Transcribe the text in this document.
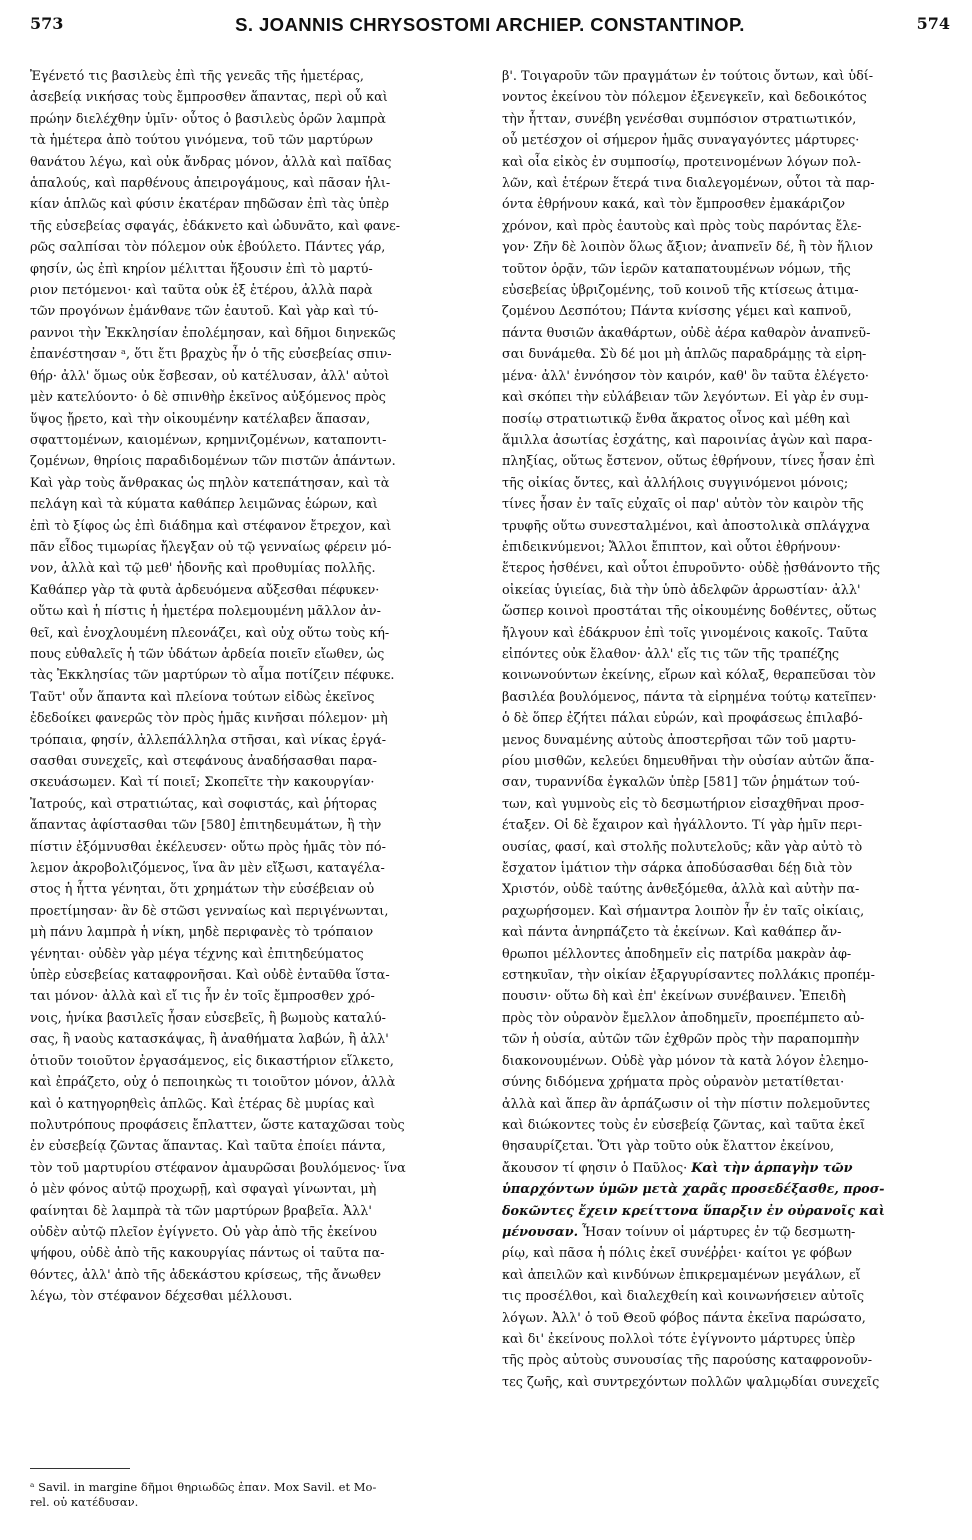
573	S. JOANNIS CHRYSOSTOMI ARCHIEP. CONSTANTINOP.	574

Ἐγένετό τις βασιλεὺς ἐπὶ τῆς γενεᾶς τῆς ἡμετέρας,
ἀσεβείᾳ νικήσας τοὺς ἔμπροσθεν ἅπαντας, περὶ οὗ καὶ
πρώην διελέχθην ὑμῖν· οὗτος ὁ βασιλεὺς ὁρῶν λαμπρὰ
τὰ ἡμέτερα ἀπὸ τούτου γινόμενα, τοῦ τῶν μαρτύρων
θανάτου λέγω, καὶ οὐκ ἄνδρας μόνον, ἀλλὰ καὶ παῖδας
ἁπαλούς, καὶ παρθένους ἀπειρογάμους, καὶ πᾶσαν ἡλι-
κίαν ἁπλῶς καὶ φύσιν ἑκατέραν πηδῶσαν ἐπὶ τὰς ὑπὲρ
τῆς εὐσεβείας σφαγάς, ἐδάκνετο καὶ ὠδυνᾶτο, καὶ φανε-
ρῶς σαλπίσαι τὸν πόλεμον οὐκ ἐβούλετο. Πάντες γάρ,
φησίν, ὡς ἐπὶ κηρίον μέλιτται ἥξουσιν ἐπὶ τὸ μαρτύ-
ριον πετόμενοι· καὶ ταῦτα οὐκ ἐξ ἑτέρου, ἀλλὰ παρὰ
τῶν προγόνων ἐμάνθανε τῶν ἑαυτοῦ. Καὶ γὰρ καὶ τύ-
ραννοι τὴν Ἐκκλησίαν ἐπολέμησαν, καὶ δῆμοι διηνεκῶς
ἐπανέστησαν ᵃ, ὅτι ἔτι βραχὺς ἦν ὁ τῆς εὐσεβείας σπιν-
θήρ· ἀλλ' ὅμως οὐκ ἔσβεσαν, οὐ κατέλυσαν, ἀλλ' αὐτοὶ
μὲν κατελύοντο· ὁ δὲ σπινθὴρ ἐκεῖνος αὐξόμενος πρὸς
ὕψος ᾔρετο, καὶ τὴν οἰκουμένην κατέλαβεν ἅπασαν,
σφαττομένων, καιομένων, κρημνιζομένων, καταποντι-
ζομένων, θηρίοις παραδιδομένων τῶν πιστῶν ἁπάντων.
Καὶ γὰρ τοὺς ἄνθρακας ὡς πηλὸν κατεπάτησαν, καὶ τὰ
πελάγη καὶ τὰ κύματα καθάπερ λειμῶνας ἑώρων, καὶ
ἐπὶ τὸ ξίφος ὡς ἐπὶ διάδημα καὶ στέφανον ἔτρεχον, καὶ
πᾶν εἶδος τιμωρίας ἤλεγξαν οὐ τῷ γενναίως φέρειν μό-
νον, ἀλλὰ καὶ τῷ μεθ' ἡδονῆς καὶ προθυμίας πολλῆς.
Καθάπερ γὰρ τὰ φυτὰ ἀρδευόμενα αὔξεσθαι πέφυκεν·
οὕτω καὶ ἡ πίστις ἡ ἡμετέρα πολεμουμένη μᾶλλον ἀν-
θεῖ, καὶ ἐνοχλουμένη πλεονάζει, καὶ οὐχ οὕτω τοὺς κή-
πους εὐθαλεῖς ἡ τῶν ὑδάτων ἀρδεία ποιεῖν εἴωθεν, ὡς
τὰς Ἐκκλησίας τῶν μαρτύρων τὸ αἷμα ποτίζειν πέφυκε.
Ταῦτ' οὖν ἅπαντα καὶ πλείονα τούτων εἰδὼς ἐκεῖνος
ἐδεδοίκει φανερῶς τὸν πρὸς ἡμᾶς κινῆσαι πόλεμον· μὴ
τρόπαια, φησίν, ἀλλεπάλληλα στῆσαι, καὶ νίκας ἐργά-
σασθαι συνεχεῖς, καὶ στεφάνους ἀναδήσασθαι παρα-
σκευάσωμεν. Καὶ τί ποιεῖ; Σκοπεῖτε τὴν κακουργίαν·
Ἰατρούς, καὶ στρατιώτας, καὶ σοφιστάς, καὶ ῥήτορας
ἅπαντας ἀφίστασθαι τῶν [580] ἐπιτηδευμάτων, ἢ τὴν
πίστιν ἐξόμνυσθαι ἐκέλευσεν· οὕτω πρὸς ἡμᾶς τὸν πό-
λεμον ἀκροβολιζόμενος, ἵνα ἂν μὲν εἴξωσι, καταγέλα-
στος ἡ ἧττα γένηται, ὅτι χρημάτων τὴν εὐσέβειαν οὐ
προετίμησαν· ἂν δὲ στῶσι γενναίως καὶ περιγένωνται,
μὴ πάνυ λαμπρὰ ἡ νίκη, μηδὲ περιφανὲς τὸ τρόπαιον
γένηται· οὐδὲν γὰρ μέγα τέχνης καὶ ἐπιτηδεύματος
ὑπὲρ εὐσεβείας καταφρονῆσαι. Καὶ οὐδὲ ἐνταῦθα ἵστα-
ται μόνον· ἀλλὰ καὶ εἴ τις ἦν ἐν τοῖς ἔμπροσθεν χρό-
νοις, ἡνίκα βασιλεῖς ἦσαν εὐσεβεῖς, ἢ βωμοὺς καταλύ-
σας, ἢ ναοὺς κατασκάψας, ἢ ἀναθήματα λαβών, ἢ ἀλλ'
ὁτιοῦν τοιοῦτον ἐργασάμενος, εἰς δικαστήριον εἵλκετο,
καὶ ἐπράζετο, οὐχ ὁ πεποιηκὼς τι τοιοῦτον μόνον, ἀλλὰ
καὶ ὁ κατηγορηθεὶς ἁπλῶς. Καὶ ἑτέρας δὲ μυρίας καὶ
πολυτρόπους προφάσεις ἔπλαττεν, ὥστε καταχῶσαι τοὺς
ἐν εὐσεβείᾳ ζῶντας ἅπαντας. Καὶ ταῦτα ἐποίει πάντα,
τὸν τοῦ μαρτυρίου στέφανον ἀμαυρῶσαι βουλόμενος· ἵνα
ὁ μὲν φόνος αὐτῷ προχωρῇ, καὶ σφαγαὶ γίνωνται, μὴ
φαίνηται δὲ λαμπρὰ τὰ τῶν μαρτύρων βραβεῖα. Ἀλλ'
οὐδὲν αὐτῷ πλεῖον ἐγίγνετο. Οὐ γὰρ ἀπὸ τῆς ἐκείνου
ψήφου, οὐδὲ ἀπὸ τῆς κακουργίας πάντως οἱ ταῦτα πα-
θόντες, ἀλλ' ἀπὸ τῆς ἀδεκάστου κρίσεως, τῆς ἄνωθεν
λέγω, τὸν στέφανον δέχεσθαι μέλλουσι.

β'. Τοιγαροῦν τῶν πραγμάτων ἐν τούτοις ὄντων, καὶ ὑδί-
νοντος ἐκείνου τὸν πόλεμον ἐξενεγκεῖν, καὶ δεδοικότος
τὴν ἧτταν, συνέβη γενέσθαι συμπόσιον στρατιωτικόν,
οὗ μετέσχον οἱ σήμερον ἡμᾶς συναγαγόντες μάρτυρες·
καὶ οἷα εἰκὸς ἐν συμποσίῳ, προτεινομένων λόγων πολ-
λῶν, καὶ ἑτέρων ἕτερά τινα διαλεγομένων, οὗτοι τὰ παρ-
όντα ἐθρήνουν κακά, καὶ τὸν ἔμπροσθεν ἐμακάριζον
χρόνον, καὶ πρὸς ἑαυτοὺς καὶ πρὸς τοὺς παρόντας ἔλε-
γον· Ζῆν δὲ λοιπὸν ὅλως ἄξιον; ἀναπνεῖν δέ, ἢ τὸν ἥλιον
τοῦτον ὁρᾷν, τῶν ἱερῶν καταπατουμένων νόμων, τῆς
εὐσεβείας ὑβριζομένης, τοῦ κοινοῦ τῆς κτίσεως ἀτιμα-
ζομένου Δεσπότου; Πάντα κνίσσης γέμει καὶ καπνοῦ,
πάντα θυσιῶν ἀκαθάρτων, οὐδὲ ἀέρα καθαρὸν ἀναπνεῦ-
σαι δυνάμεθα. Σὺ δέ μοι μὴ ἁπλῶς παραδράμῃς τὰ εἰρη-
μένα· ἀλλ' ἐννόησον τὸν καιρόν, καθ' ὃν ταῦτα ἐλέγετο·
καὶ σκόπει τὴν εὐλάβειαν τῶν λεγόντων. Εἰ γὰρ ἐν συμ-
ποσίῳ στρατιωτικῷ ἔνθα ἄκρατος οἶνος καὶ μέθη καὶ
ἅμιλλα ἀσωτίας ἐσχάτης, καὶ παροινίας ἀγὼν καὶ παρα-
πληξίας, οὕτως ἔστενον, οὕτως ἐθρήνουν, τίνες ἦσαν ἐπὶ
τῆς οἰκίας ὄντες, καὶ ἀλλήλοις συγγινόμενοι μόνοις;
τίνες ἦσαν ἐν ταῖς εὐχαῖς οἱ παρ' αὐτὸν τὸν καιρὸν τῆς
τρυφῆς οὕτω συνεσταλμένοι, καὶ ἀποστολικὰ σπλάγχνα
ἐπιδεικνύμενοι; Ἄλλοι ἔπιπτον, καὶ οὗτοι ἐθρήνουν·
ἕτερος ἠσθένει, καὶ οὗτοι ἐπυροῦντο· οὐδὲ ᾐσθάνοντο τῆς
οἰκείας ὑγιείας, διὰ τὴν ὑπὸ ἀδελφῶν ἀρρωστίαν· ἀλλ'
ὥσπερ κοινοὶ προστάται τῆς οἰκουμένης δοθέντες, οὕτως
ἤλγουν καὶ ἐδάκρυον ἐπὶ τοῖς γινομένοις κακοῖς. Ταῦτα
εἰπόντες οὐκ ἔλαθον· ἀλλ' εἴς τις τῶν τῆς τραπέζης
κοινωνούντων ἐκείνης, εἴρων καὶ κόλαξ, θεραπεῦσαι τὸν
βασιλέα βουλόμενος, πάντα τὰ εἰρημένα τούτῳ κατεῖπεν·
ὁ δὲ ὅπερ ἐζήτει πάλαι εὑρών, καὶ προφάσεως ἐπιλαβό-
μενος δυναμένης αὐτοὺς ἀποστερῆσαι τῶν τοῦ μαρτυ-
ρίου μισθῶν, κελεύει δημευθῆναι τὴν οὐσίαν αὐτῶν ἅπα-
σαν, τυραννίδα ἐγκαλῶν ὑπὲρ [581] τῶν ῥημάτων τού-
των, καὶ γυμνοὺς εἰς τὸ δεσμωτήριον εἰσαχθῆναι προσ-
έταξεν. Οἱ δὲ ἔχαιρον καὶ ἠγάλλοντο. Τί γὰρ ἡμῖν περι-
ουσίας, φασί, καὶ στολῆς πολυτελοῦς; κἂν γὰρ αὐτὸ τὸ
ἔσχατον ἱμάτιον τὴν σάρκα ἀποδύσασθαι δέῃ διὰ τὸν
Χριστόν, οὐδὲ ταύτης ἀνθεξόμεθα, ἀλλὰ καὶ αὐτὴν πα-
ραχωρήσομεν. Καὶ σήμαντρα λοιπὸν ἦν ἐν ταῖς οἰκίαις,
καὶ πάντα ἀνηρπάζετο τὰ ἐκείνων. Καὶ καθάπερ ἄν-
θρωποι μέλλοντες ἀποδημεῖν εἰς πατρίδα μακρὰν ἀφ-
εστηκυῖαν, τὴν οἰκίαν ἐξαργυρίσαντες πολλάκις προπέμ-
πουσιν· οὕτω δὴ καὶ ἐπ' ἐκείνων συνέβαινεν. Ἐπειδὴ
πρὸς τὸν οὐρανὸν ἔμελλον ἀποδημεῖν, προεπέμπετο αὐ-
τῶν ἡ οὐσία, αὐτῶν τῶν ἐχθρῶν πρὸς τὴν παραπομπὴν
διακονουμένων. Οὐδὲ γὰρ μόνον τὰ κατὰ λόγον ἐλεημο-
σύνης διδόμενα χρήματα πρὸς οὐρανὸν μετατίθεται·
ἀλλὰ καὶ ἅπερ ἂν ἁρπάζωσιν οἱ τὴν πίστιν πολεμοῦντες
καὶ διώκοντες τοὺς ἐν εὐσεβείᾳ ζῶντας, καὶ ταῦτα ἐκεῖ
θησαυρίζεται. Ὅτι γὰρ τοῦτο οὐκ ἔλαττον ἐκείνου,
ἄκουσον τί φησιν ὁ Παῦλος· Καὶ τὴν ἁρπαγὴν τῶν
ὑπαρχόντων ὑμῶν μετὰ χαρᾶς προσεδέξασθε, προσ-
δοκῶντες ἔχειν κρείττονα ὕπαρξιν ἐν οὐρανοῖς καὶ
μένουσαν. Ἦσαν τοίνυν οἱ μάρτυρες ἐν τῷ δεσμωτη-
ρίῳ, καὶ πᾶσα ἡ πόλις ἐκεῖ συνέῤῥει· καίτοι γε φόβων
καὶ ἀπειλῶν καὶ κινδύνων ἐπικρεμαμένων μεγάλων, εἴ
τις προσέλθοι, καὶ διαλεχθείη καὶ κοινωνήσειεν αὐτοῖς
λόγων. Ἀλλ' ὁ τοῦ Θεοῦ φόβος πάντα ἐκεῖνα παρώσατο,
καὶ δι' ἐκείνους πολλοὶ τότε ἐγίγνοντο μάρτυρες ὑπὲρ
τῆς πρὸς αὐτοὺς συνουσίας τῆς παρούσης καταφρονοῦν-
τες ζωῆς, καὶ συντρεχόντων πολλῶν ψαλμῳδίαι συνεχεῖς

ᵃ Savil. in margine δῆμοι θηριωδῶς ἐπαν. Mox Savil. et Mo-
rel. οὐ κατέδυσαν.
